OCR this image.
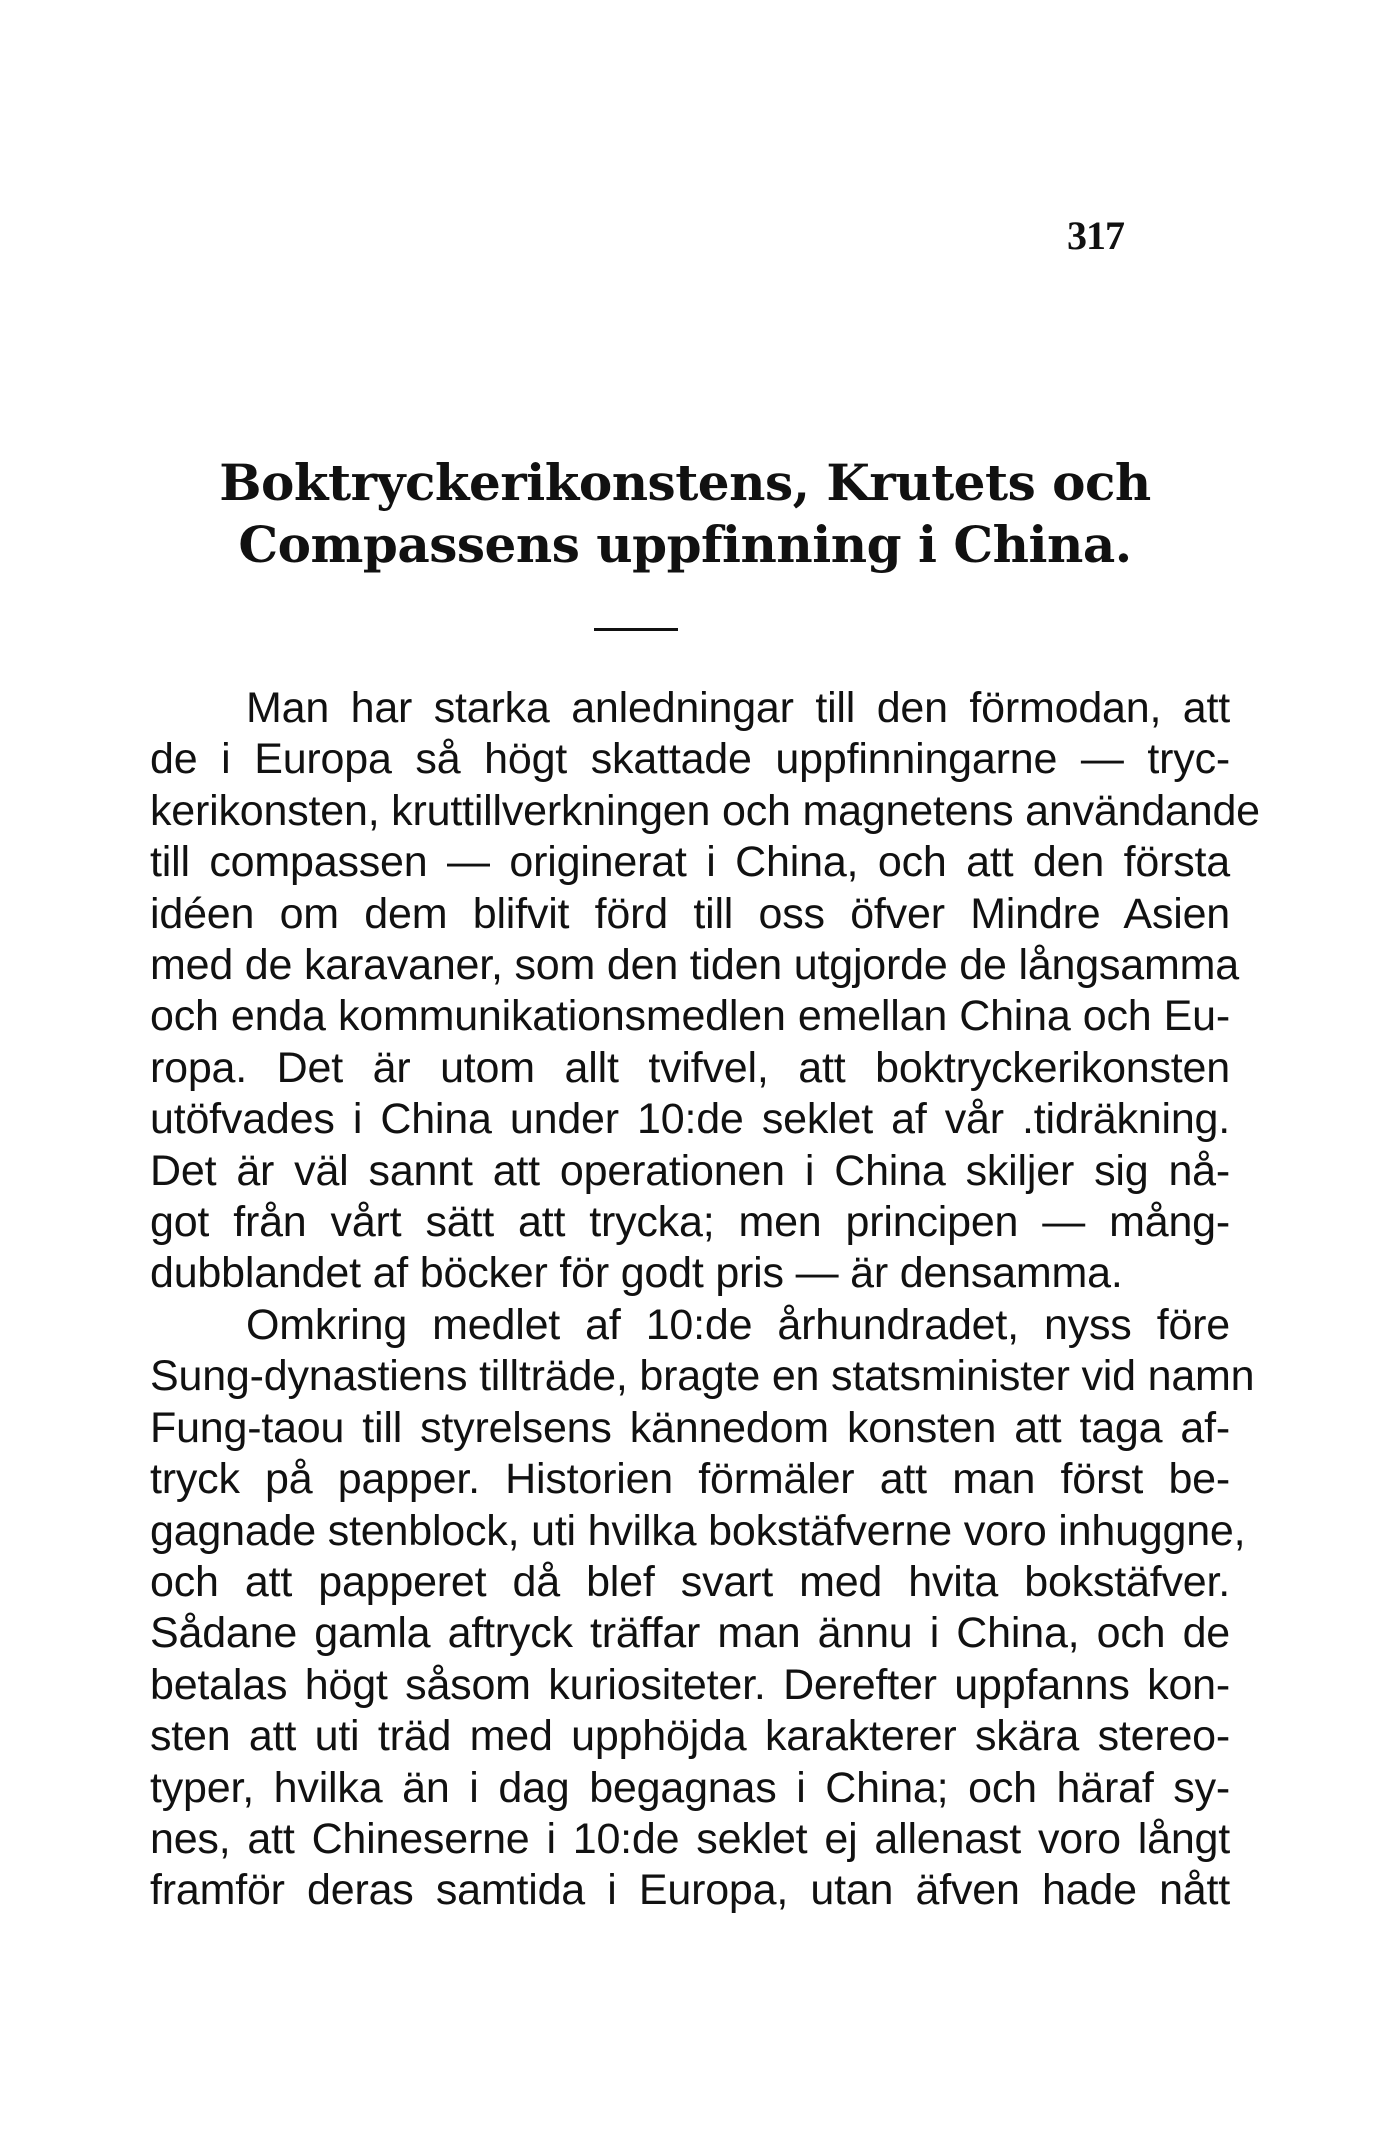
317
Boktryckerikonstens, Krutets och
Compassens uppfinning i China.
Man har starka anledningar till den förmodan, att
de i Europa så högt skattade uppfinningarne — tryc-
kerikonsten, kruttillverkningen och magnetens användande
till compassen — originerat i China, och att den första
idéen om dem blifvit förd till oss öfver Mindre Asien
med de karavaner, som den tiden utgjorde de långsamma
och enda kommunikationsmedlen emellan China och Eu-
ropa. Det är utom allt tvifvel, att boktryckerikonsten
utöfvades i China under 10:de seklet af vår .tidräkning.
Det är väl sannt att operationen i China skiljer sig nå-
got från vårt sätt att trycka; men principen — mång-
dubblandet af böcker för godt pris — är densamma.
Omkring medlet af 10:de århundradet, nyss före
Sung-dynastiens tillträde, bragte en statsminister vid namn
Fung-taou till styrelsens kännedom konsten att taga af-
tryck på papper. Historien förmäler att man först be-
gagnade stenblock, uti hvilka bokstäfverne voro inhuggne,
och att papperet då blef svart med hvita bokstäfver.
Sådane gamla aftryck träffar man ännu i China, och de
betalas högt såsom kuriositeter. Derefter uppfanns kon-
sten att uti träd med upphöjda karakterer skära stereo-
typer, hvilka än i dag begagnas i China; och häraf sy-
nes, att Chineserne i 10:de seklet ej allenast voro långt
framför deras samtida i Europa, utan äfven hade nått
